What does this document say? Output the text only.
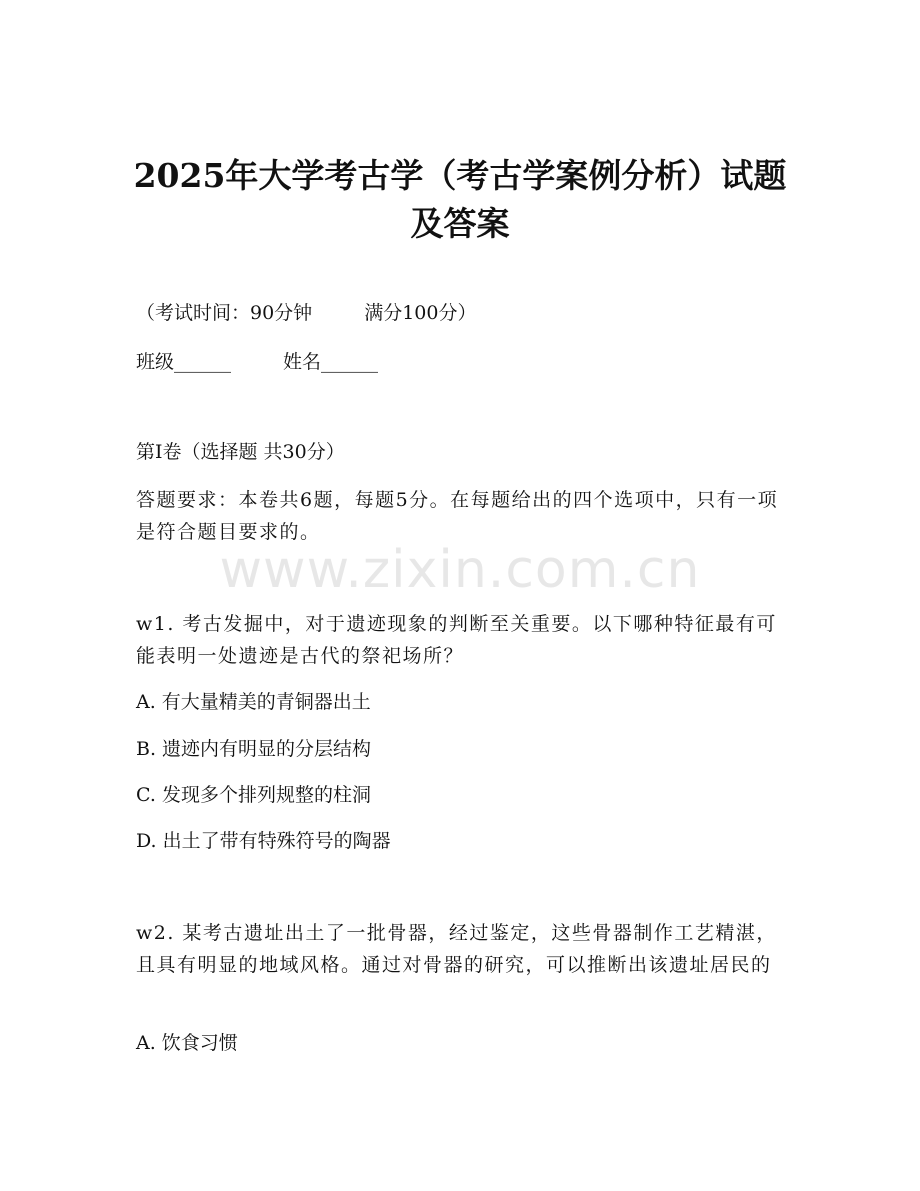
2025年大学考古学（考古学案例分析）试题
及答案
（考试时间：90分钟	满分100分）
班级______	姓名______
第I卷（选择题 共30分）
答题要求：本卷共6题，每题5分。在每题给出的四个选项中，只有一项是符合题目要求的。
w1. 考古发掘中，对于遗迹现象的判断至关重要。以下哪种特征最有可能表明一处遗迹是古代的祭祀场所？
A. 有大量精美的青铜器出土
B. 遗迹内有明显的分层结构
C. 发现多个排列规整的柱洞
D. 出土了带有特殊符号的陶器
w2. 某考古遗址出土了一批骨器，经过鉴定，这些骨器制作工艺精湛，且具有明显的地域风格。通过对骨器的研究，可以推断出该遗址居民的
A. 饮食习惯
www.zixin.com.cn
